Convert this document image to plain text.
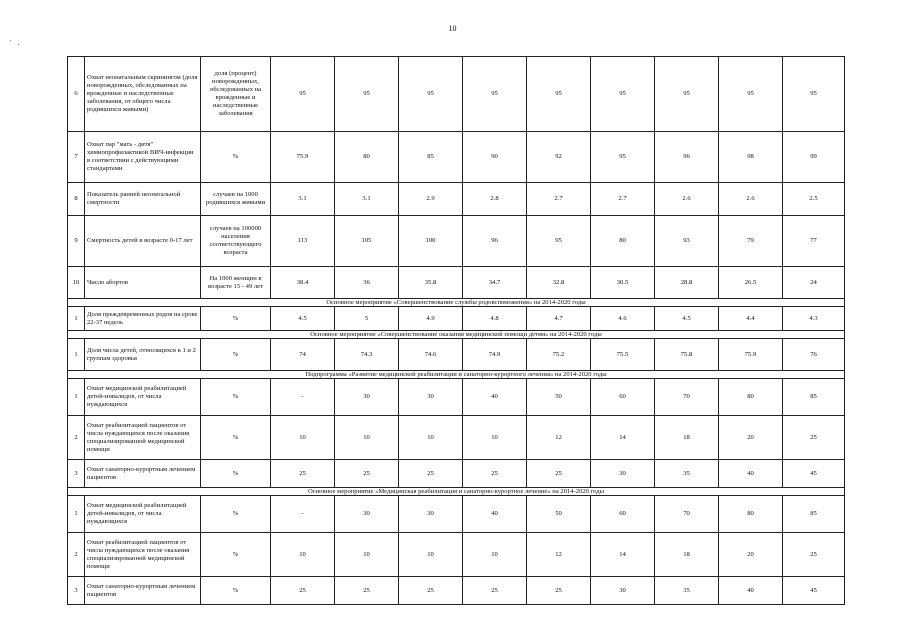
10
6	Охват неонатальным скринингом (доля новорожденных, обследованных на врожденные и наследственные заболевания, от общего числа родившихся живыми)	доля (процент) новорожденных, обследованных на врожденные и наследственные заболевания	95	95	95	95	95	95	95	95	95
7	Охват пар "мать - дитя" химиопрофилактикой ВИЧ-инфекции в соответствии с действующими стандартами	%	75.9	80	85	90	92	95	96	98	99
8	Показатель ранней неонатальной смертности	случаев на 1000 родившихся живыми	3.1	3.1	2.9	2.8	2.7	2.7	2.6	2.6	2.5
9	Смертность детей в возрасте 0-17 лет	случаев на 100000 населения соответствующего возраста	113	105	100	96	95	80	93	79	77
10	Число абортов	На 1000 женщин в возрасте 15 - 49 лет	38.4	36	35.8	34.7	32.8	30.5	28.8	26.5	24
Основное мероприятие «Совершенствование службы родовспоможения» на 2014-2020 годы											
1	Доля преждевременных родов на сроке 22-37 недель	%	4.5	5	4.9	4.8	4.7	4.6	4.5	4.4	4.3
Основное мероприятие «Совершенствование оказания медицинской помощи детям» на 2014-2020 годы											
1	Доля числа детей, относящихся к 1 и 2 группам здоровья	%	74	74.3	74.6	74.9	75.2	75.5	75.8	75.9	76
Подпрограмма «Развитие медицинской реабилитации и санаторно-курортного лечения» на 2014-2020 годы											
1	Охват медицинской реабилитацией детей-инвалидов, от числа нуждающихся	%	-	30	30	40	50	60	70	80	85
2	Охват реабилитацией пациентов от числа нуждающихся после оказания специализированной медицинской помощи	%	10	10	10	10	12	14	18	20	25
3	Охват санаторно-курортным лечением пациентов	%	25	25	25	25	25	30	35	40	45
Основное мероприятие «Медицинская реабилитация и санаторно-курортное лечение» на 2014-2020 годы											
1	Охват медицинской реабилитацией детей-инвалидов, от числа нуждающихся	%	-	30	30	40	50	60	70	80	85
2	Охват реабилитацией пациентов от числа нуждающихся после оказания специализированной медицинской помощи	%	10	10	10	10	12	14	18	20	25
3	Охват санаторно-курортным лечением пациентов	%	25	25	25	25	25	30	35	40	45
